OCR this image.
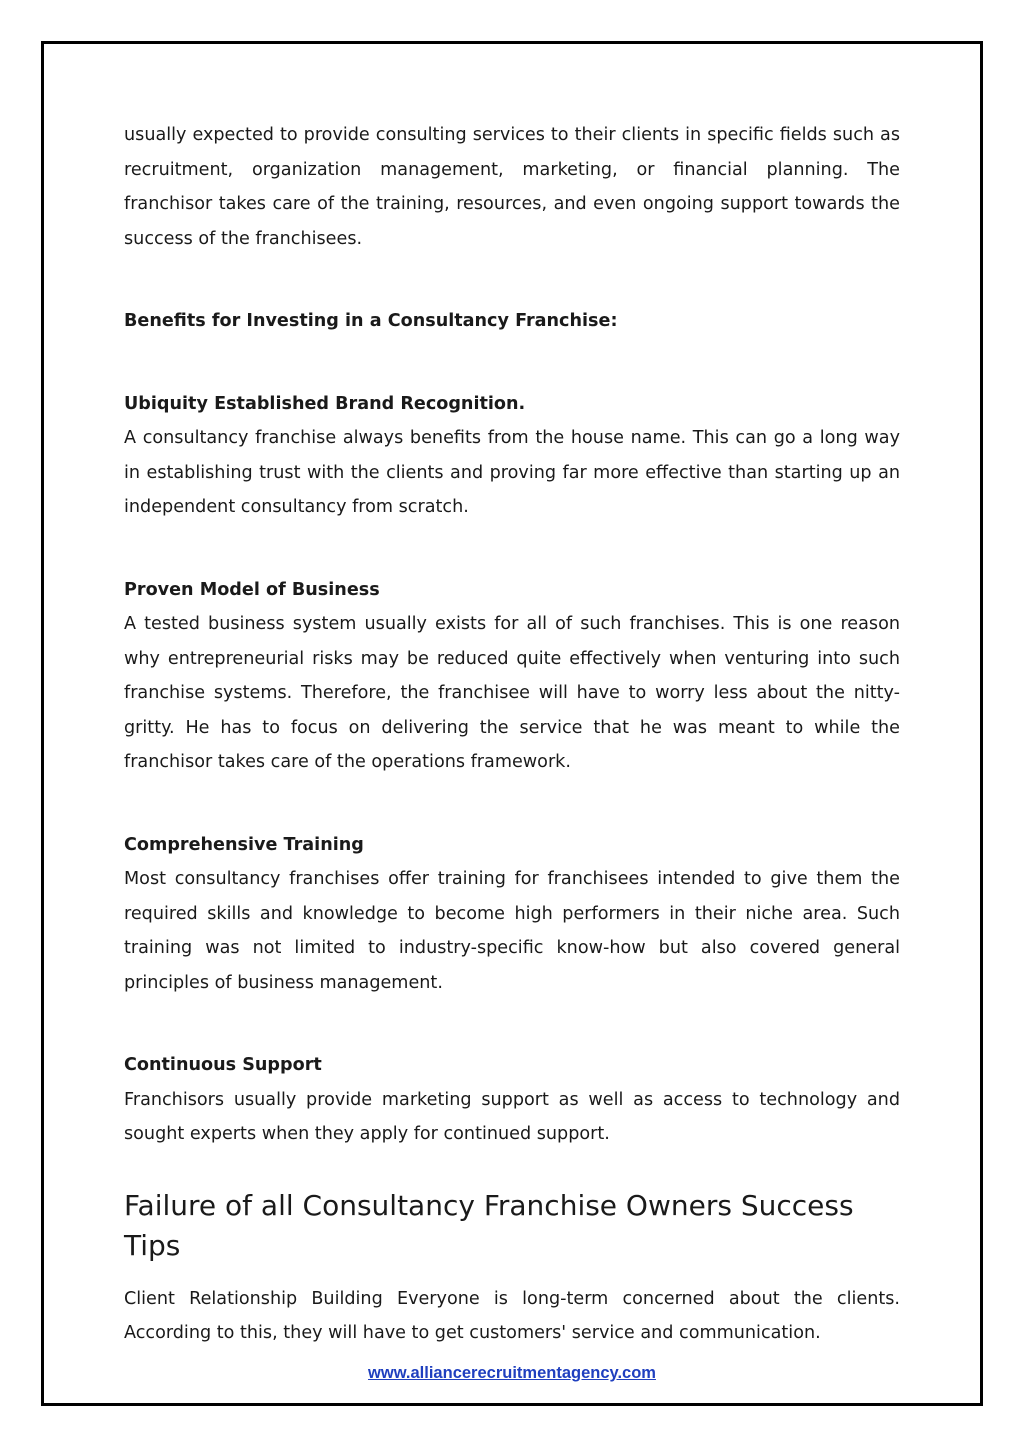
usually expected to provide consulting services to their clients in specific fields such as recruitment, organization management, marketing, or financial planning. The franchisor takes care of the training, resources, and even ongoing support towards the success of the franchisees.

Benefits for Investing in a Consultancy Franchise:

Ubiquity Established Brand Recognition.

A consultancy franchise always benefits from the house name. This can go a long way in establishing trust with the clients and proving far more effective than starting up an independent consultancy from scratch.

Proven Model of Business

A tested business system usually exists for all of such franchises. This is one reason why entrepreneurial risks may be reduced quite effectively when venturing into such franchise systems. Therefore, the franchisee will have to worry less about the nitty-gritty. He has to focus on delivering the service that he was meant to while the franchisor takes care of the operations framework.

Comprehensive Training

Most consultancy franchises offer training for franchisees intended to give them the required skills and knowledge to become high performers in their niche area. Such training was not limited to industry-specific know-how but also covered general principles of business management.

Continuous Support

Franchisors usually provide marketing support as well as access to technology and sought experts when they apply for continued support.

Failure of all Consultancy Franchise Owners Success Tips

Client Relationship Building Everyone is long-term concerned about the clients. According to this, they will have to get customers' service and communication.

www.alliancerecruitmentagency.com
